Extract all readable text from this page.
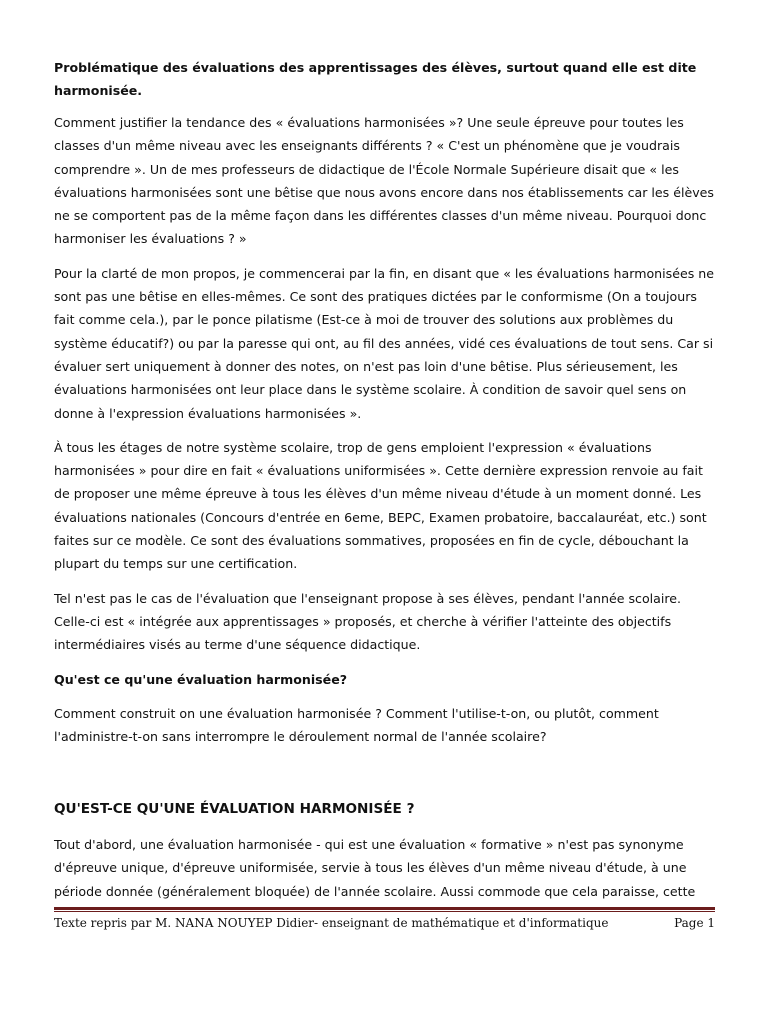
Problématique des évaluations des apprentissages des élèves, surtout quand elle est dite harmonisée.

Comment justifier la tendance des « évaluations harmonisées »? Une seule épreuve pour toutes les classes d'un même niveau avec les enseignants différents ? « C'est un phénomène que je voudrais comprendre ». Un de mes professeurs de didactique de l'École Normale Supérieure disait que « les évaluations harmonisées sont une bêtise que nous avons encore dans nos établissements car les élèves ne se comportent pas de la même façon dans les différentes classes d'un même niveau. Pourquoi donc harmoniser les évaluations ? »

Pour la clarté de mon propos, je commencerai par la fin, en disant que « les évaluations harmonisées ne sont pas une bêtise en elles-mêmes. Ce sont des pratiques dictées par le conformisme (On a toujours fait comme cela.), par le ponce pilatisme (Est-ce à moi de trouver des solutions aux problèmes du système éducatif?) ou par la paresse qui ont, au fil des années, vidé ces évaluations de tout sens. Car si évaluer sert uniquement à donner des notes, on n'est pas loin d'une bêtise. Plus sérieusement, les évaluations harmonisées ont leur place dans le système scolaire. À condition de savoir quel sens on donne à l'expression évaluations harmonisées ».

À tous les étages de notre système scolaire, trop de gens emploient l'expression « évaluations harmonisées » pour dire en fait « évaluations uniformisées ». Cette dernière expression renvoie au fait de proposer une même épreuve à tous les élèves d'un même niveau d'étude à un moment donné. Les évaluations nationales (Concours d'entrée en 6eme, BEPC, Examen probatoire, baccalauréat, etc.) sont faites sur ce modèle. Ce sont des évaluations sommatives, proposées en fin de cycle, débouchant la plupart du temps sur une certification.

Tel n'est pas le cas de l'évaluation que l'enseignant propose à ses élèves, pendant l'année scolaire. Celle-ci est « intégrée aux apprentissages » proposés, et cherche à vérifier l'atteinte des objectifs intermédiaires visés au terme d'une séquence didactique.

Qu'est ce qu'une évaluation harmonisée?

Comment construit on une évaluation harmonisée ? Comment l'utilise-t-on, ou plutôt, comment l'administre-t-on sans interrompre le déroulement normal de l'année scolaire?

QU'EST-CE QU'UNE ÉVALUATION HARMONISÉE ?

Tout d'abord, une évaluation harmonisée - qui est une évaluation « formative » n'est pas synonyme d'épreuve unique, d'épreuve uniformisée, servie à tous les élèves d'un même niveau d'étude, à une période donnée (généralement bloquée) de l'année scolaire. Aussi commode que cela paraisse, cette

Texte repris par M. NANA NOUYEP Didier- enseignant de mathématique et d'informatique	Page 1
